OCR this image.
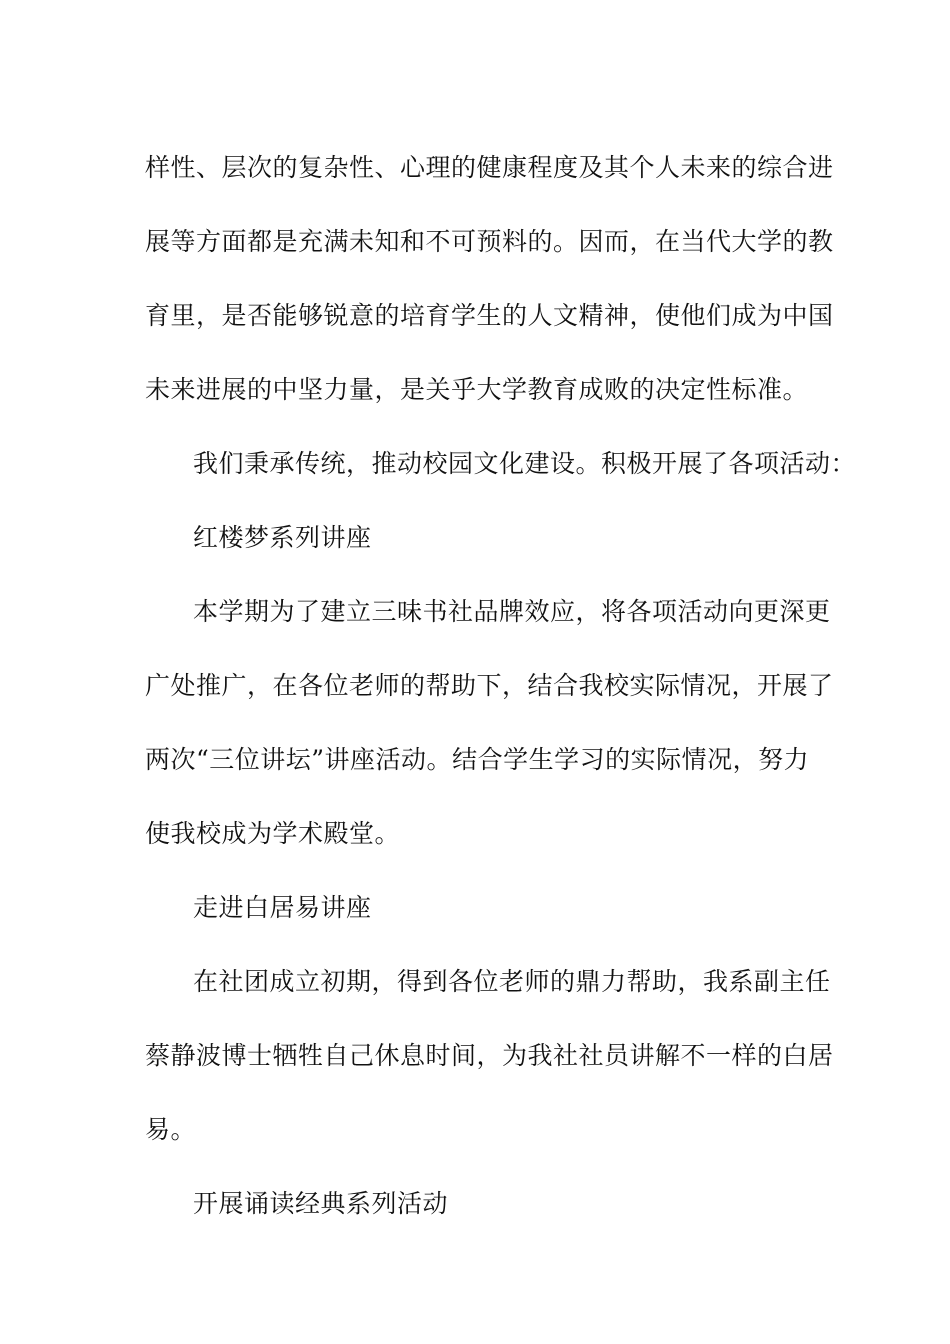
样性、层次的复杂性、心理的健康程度及其个人未来的综合进
展等方面都是充满未知和不可预料的。因而，在当代大学的教
育里，是否能够锐意的培育学生的人文精神，使他们成为中国
未来进展的中坚力量，是关乎大学教育成败的决定性标准。
我们秉承传统，推动校园文化建设。积极开展了各项活动：
红楼梦系列讲座
本学期为了建立三味书社品牌效应，将各项活动向更深更
广处推广，在各位老师的帮助下，结合我校实际情况，开展了
两次“三位讲坛”讲座活动。结合学生学习的实际情况，努力
使我校成为学术殿堂。
走进白居易讲座
在社团成立初期，得到各位老师的鼎力帮助，我系副主任
蔡静波博士牺牲自己休息时间，为我社社员讲解不一样的白居
易。
开展诵读经典系列活动
